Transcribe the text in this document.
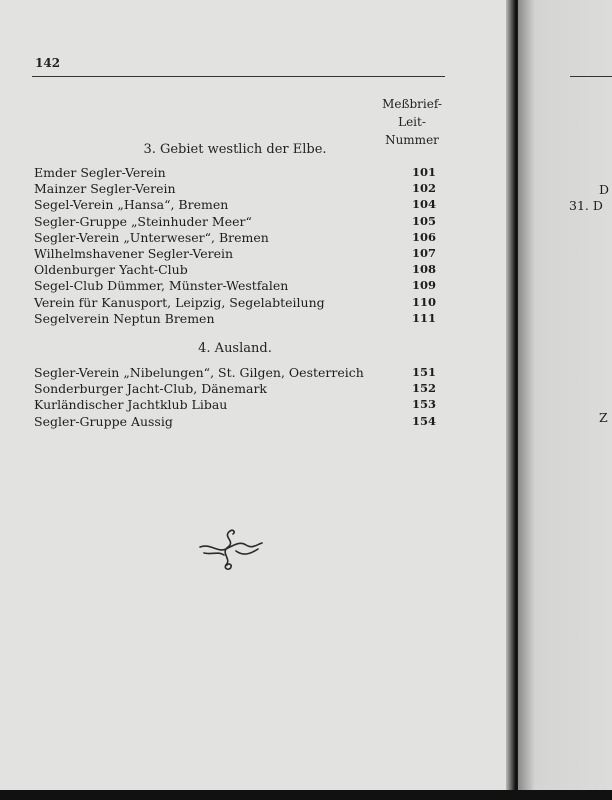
142
Meßbrief-
Leit-
Nummer
3. Gebiet westlich der Elbe.
Emder Segler-Verein	101
Mainzer Segler-Verein	102
Segel-Verein „Hansa“, Bremen	104
Segler-Gruppe „Steinhuder Meer“	105
Segler-Verein „Unterweser“, Bremen	106
Wilhelmshavener Segler-Verein	107
Oldenburger Yacht-Club	108
Segel-Club Dümmer, Münster-Westfalen	109
Verein für Kanusport, Leipzig, Segelabteilung	110
Segelverein Neptun Bremen	111
4. Ausland.
Segler-Verein „Nibelungen“, St. Gilgen, Oesterreich	151
Sonderburger Jacht-Club, Dänemark	152
Kurländischer Jachtklub Libau	153
Segler-Gruppe Aussig	154
D
31. D
Z
